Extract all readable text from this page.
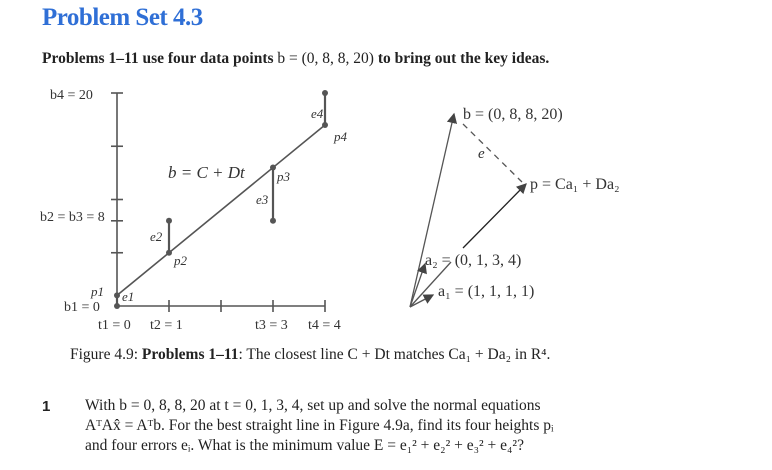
Problem Set 4.3
Problems 1–11 use four data points b = (0, 8, 8, 20) to bring out the key ideas.
b4 = 20
b2 = b3 = 8
b1 = 0
t1 = 0 t2 = 1	t3 = 3 t4 = 4
b = C + Dt
p1
p2
p3
p4
e1
e2
e3
e4	b = (0, 8, 8, 20)
e
p = Ca₁ + Da₂
a₂ = (0, 1, 3, 4)
a₁ = (1, 1, 1, 1)
Figure 4.9: Problems 1–11: The closest line C + Dt matches Ca₁ + Da₂ in R⁴.
1 With b = 0, 8, 8, 20 at t = 0, 1, 3, 4, set up and solve the normal equations
AᵀAx̂ = Aᵀb. For the best straight line in Figure 4.9a, find its four heights pᵢ
and four errors eᵢ. What is the minimum value E = e₁² + e₂² + e₃² + e₄²?
